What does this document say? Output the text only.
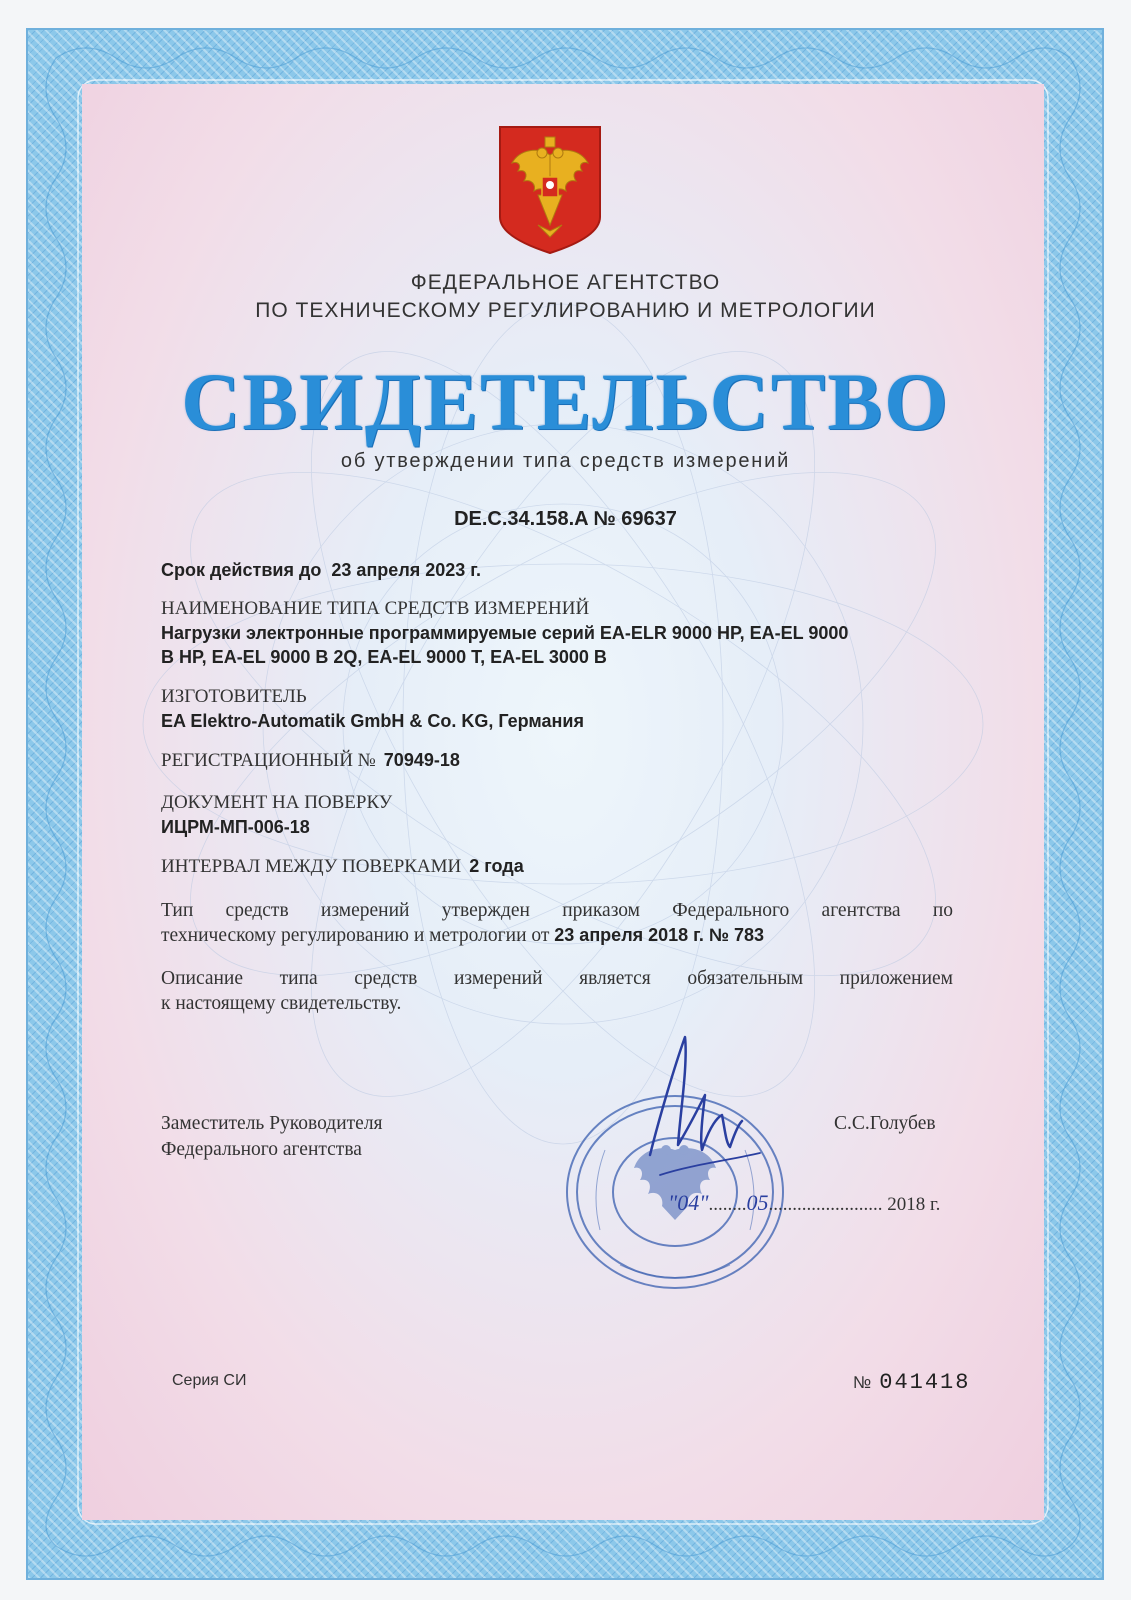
ФЕДЕРАЛЬНОЕ АГЕНТСТВО
ПО ТЕХНИЧЕСКОМУ РЕГУЛИРОВАНИЮ И МЕТРОЛОГИИ
СВИДЕТЕЛЬСТВО
об утверждении типа средств измерений
DE.C.34.158.A № 69637
Срок действия до 23 апреля 2023 г.
НАИМЕНОВАНИЕ ТИПА СРЕДСТВ ИЗМЕРЕНИЙ
Нагрузки электронные программируемые серий EA-ELR 9000 HP, EA-EL 9000
B HP, EA-EL 9000 B 2Q, EA-EL 9000 T, EA-EL 3000 B
ИЗГОТОВИТЕЛЬ
EA Elektro-Automatik GmbH & Co. KG, Германия
РЕГИСТРАЦИОННЫЙ № 70949-18
ДОКУМЕНТ НА ПОВЕРКУ
ИЦРМ-МП-006-18
ИНТЕРВАЛ МЕЖДУ ПОВЕРКАМИ 2 года
Тип средств измерений утвержден приказом Федерального агентства по
техническому регулированию и метрологии от 23 апреля 2018 г. № 783
Описание типа средств измерений является обязательным приложением
к настоящему свидетельству.
Заместитель Руководителя
Федерального агентства
С.С.Голубев
"04"........05........................ 2018 г.
Серия СИ	№ 041418
